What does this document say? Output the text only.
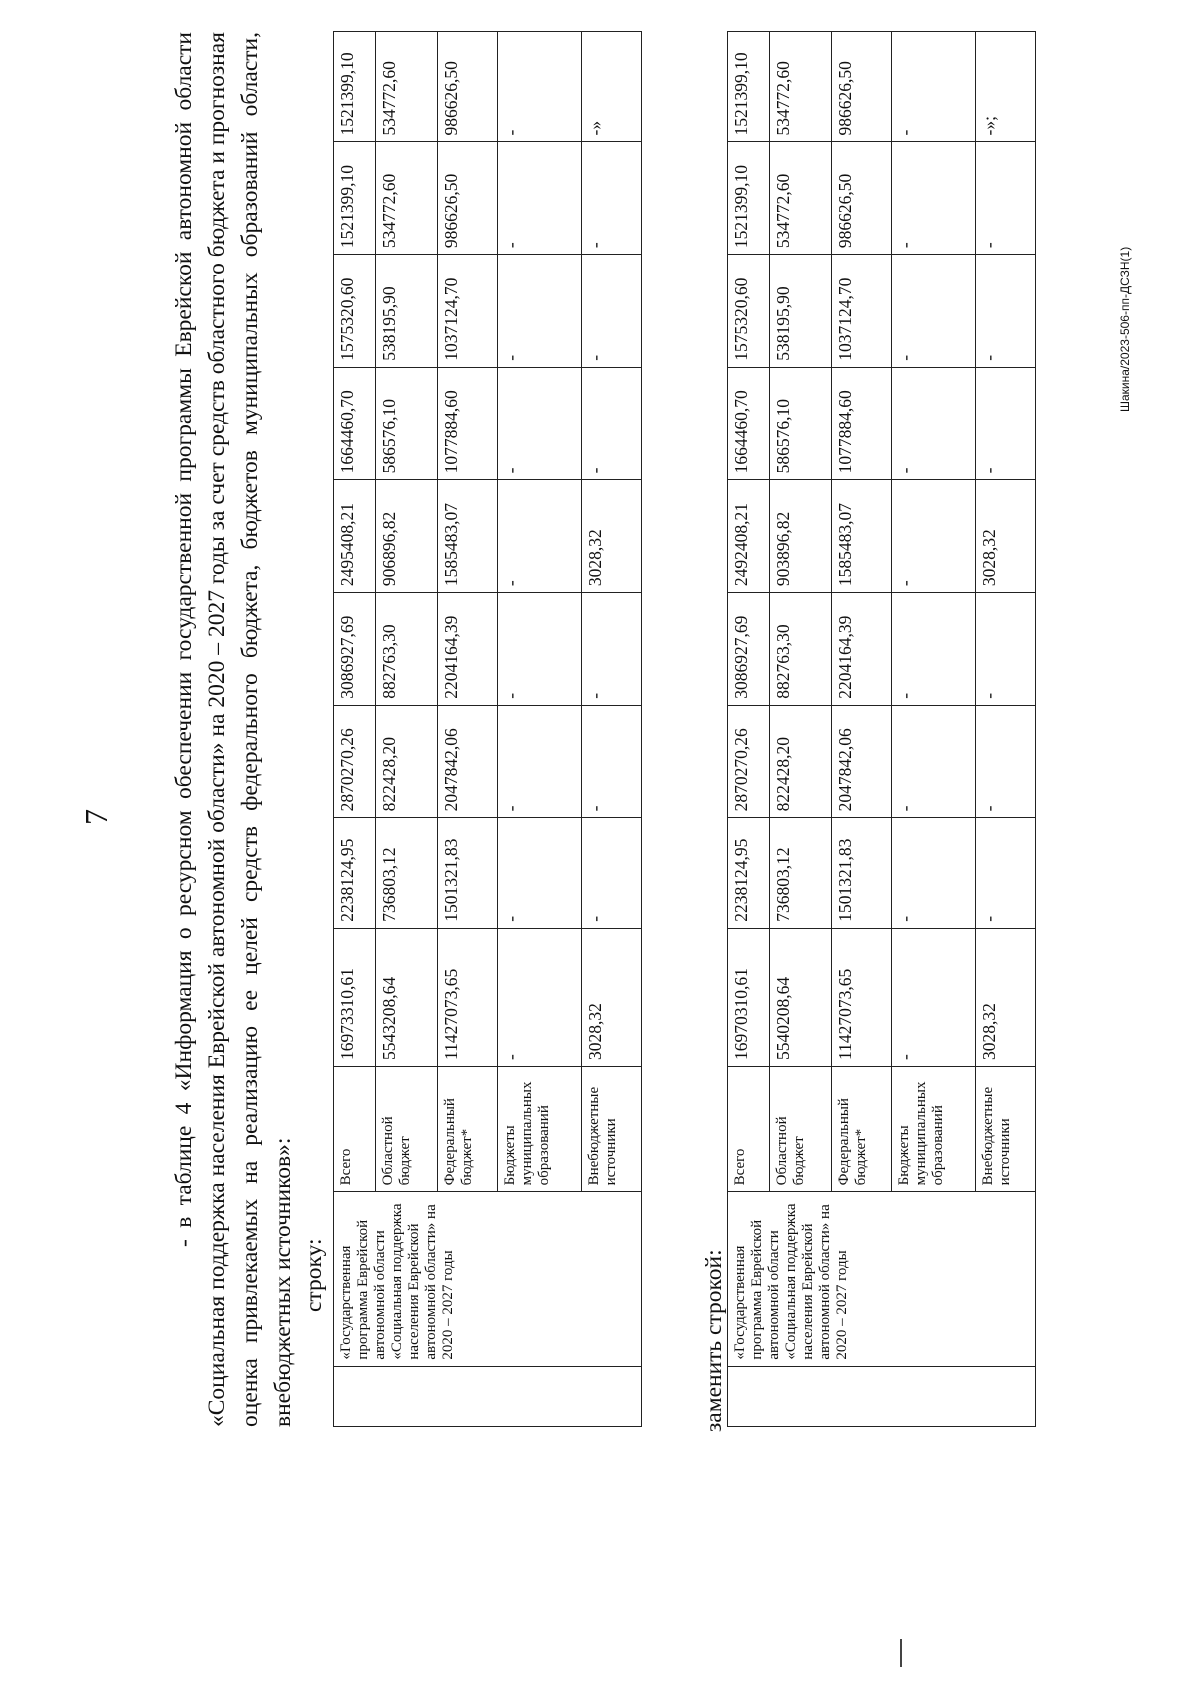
7 - в таблице 4 «Информация о ресурсном обеспечении государственной программы Еврейской автономной области «Социальная поддержка населения Еврейской автономной области» на 2020 – 2027 годы за счет средств областного бюджета и прогнозная оценка привлекаемых на реализацию ее целей средств федерального бюджета, бюджетов муниципальных образований области, внебюджетных источников»: строку:
	«Государственная программа Еврейской автономной области «Социальная поддержка населения Еврейской автономной области» на 2020 – 2027 годы	Всего	16973310,61	2238124,95	2870270,26	3086927,69	2495408,21	1664460,70	1575320,60	1521399,10	1521399,10
		Областной бюджет	5543208,64	736803,12	822428,20	882763,30	906896,82	586576,10	538195,90	534772,60	534772,60
		Федеральный бюджет*	11427073,65	1501321,83	2047842,06	2204164,39	1585483,07	1077884,60	1037124,70	986626,50	986626,50
		Бюджеты муниципальных образований	-	-	-	-	-	-	-	-	-
		Внебюджетные источники	3028,32	-	-	-	3028,32	-	-	-	-»
заменить строкой:
	«Государственная программа Еврейской автономной области «Социальная поддержка населения Еврейской автономной области» на 2020 – 2027 годы	Всего	16970310,61	2238124,95	2870270,26	3086927,69	2492408,21	1664460,70	1575320,60	1521399,10	1521399,10
		Областной бюджет	5540208,64	736803,12	822428,20	882763,30	903896,82	586576,10	538195,90	534772,60	534772,60
		Федеральный бюджет*	11427073,65	1501321,83	2047842,06	2204164,39	1585483,07	1077884,60	1037124,70	986626,50	986626,50
		Бюджеты муниципальных образований	-	-	-	-	-	-	-	-	-
		Внебюджетные источники	3028,32	-	-	-	3028,32	-	-	-	-»;
Шакина/2023-506-пп-ДСЗН(1)
